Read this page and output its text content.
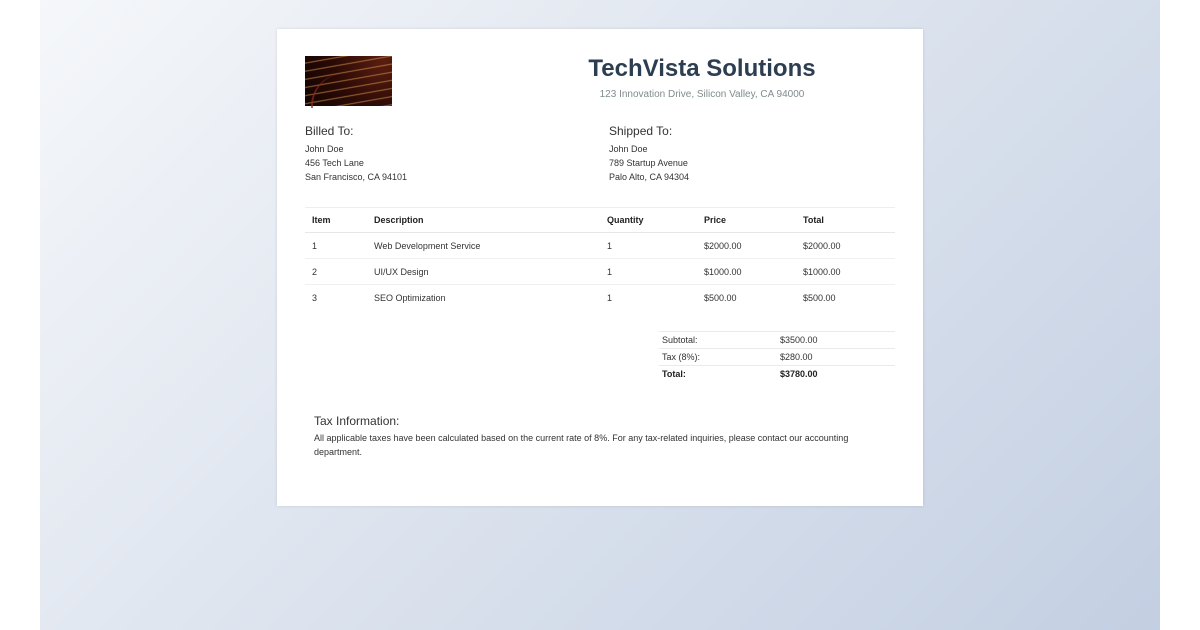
TechVista Solutions
123 Innovation Drive, Silicon Valley, CA 94000
Billed To:
John Doe
456 Tech Lane
San Francisco, CA 94101
Shipped To:
John Doe
789 Startup Avenue
Palo Alto, CA 94304
Item	Description	Quantity	Price	Total
1	Web Development Service	1	$2000.00	$2000.00
2	UI/UX Design	1	$1000.00	$1000.00
3	SEO Optimization	1	$500.00	$500.00
Subtotal:	$3500.00
Tax (8%):	$280.00
Total:	$3780.00
Tax Information:
All applicable taxes have been calculated based on the current rate of 8%. For any tax-related inquiries, please contact our accounting department.
